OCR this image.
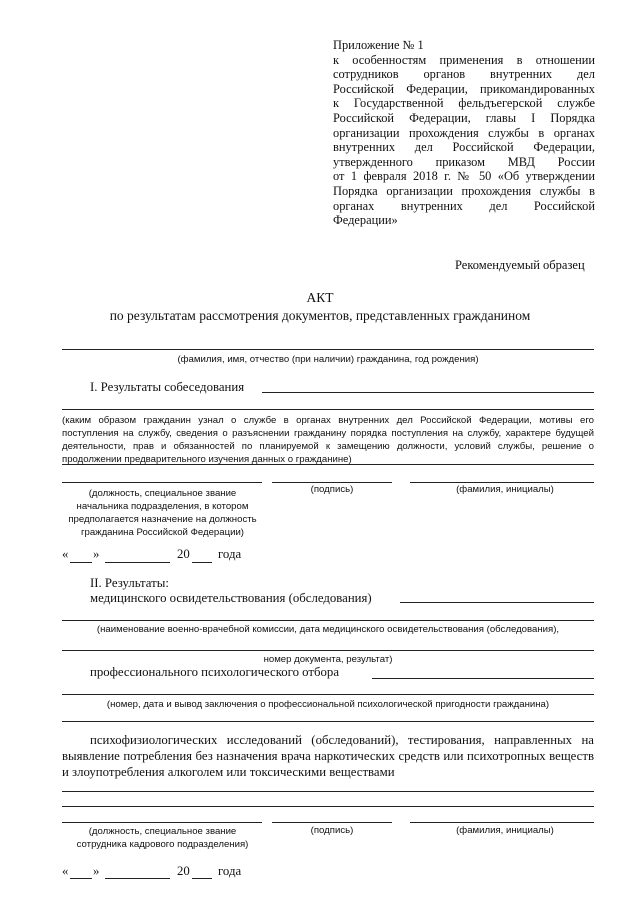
Приложение № 1
к особенностям применения в отношении
сотрудников органов внутренних дел
Российской Федерации, прикомандированных
к Государственной фельдъегерской службе
Российской Федерации, главы I Порядка
организации прохождения службы в органах
внутренних дел Российской Федерации,
утвержденного приказом МВД России
от 1 февраля 2018 г. № 50 «Об утверждении
Порядка организации прохождения службы в
органах внутренних дел Российской
Федерации»
Рекомендуемый образец
АКТ
по результатам рассмотрения документов, представленных гражданином
(фамилия, имя, отчество (при наличии) гражданина, год рождения)
I. Результаты собеседования
(каким образом гражданин узнал о службе в органах внутренних дел Российской Федерации, мотивы его
поступления на службу, сведения о разъяснении гражданину порядка поступления на службу, характере будущей
деятельности, прав и обязанностей по планируемой к замещению должности, условий службы, решение о
продолжении предварительного изучения данных о гражданине)
(должность, специальное звание
начальника подразделения, в котором
предполагается назначение на должность
гражданина Российской Федерации)
(подпись)	(фамилия, инициалы)
« »	20 года
II. Результаты:
медицинского освидетельствования (обследования)
(наименование военно-врачебной комиссии, дата медицинского освидетельствования (обследования),
номер документа, результат)
профессионального психологического отбора
(номер, дата и вывод заключения о профессиональной психологической пригодности гражданина)
психофизиологических исследований (обследований), тестирования, направленных на
выявление потребления без назначения врача наркотических средств или психотропных веществ
и злоупотребления алкоголем или токсическими веществами
(должность, специальное звание
сотрудника кадрового подразделения)
(подпись)	(фамилия, инициалы)
« »	20 года
